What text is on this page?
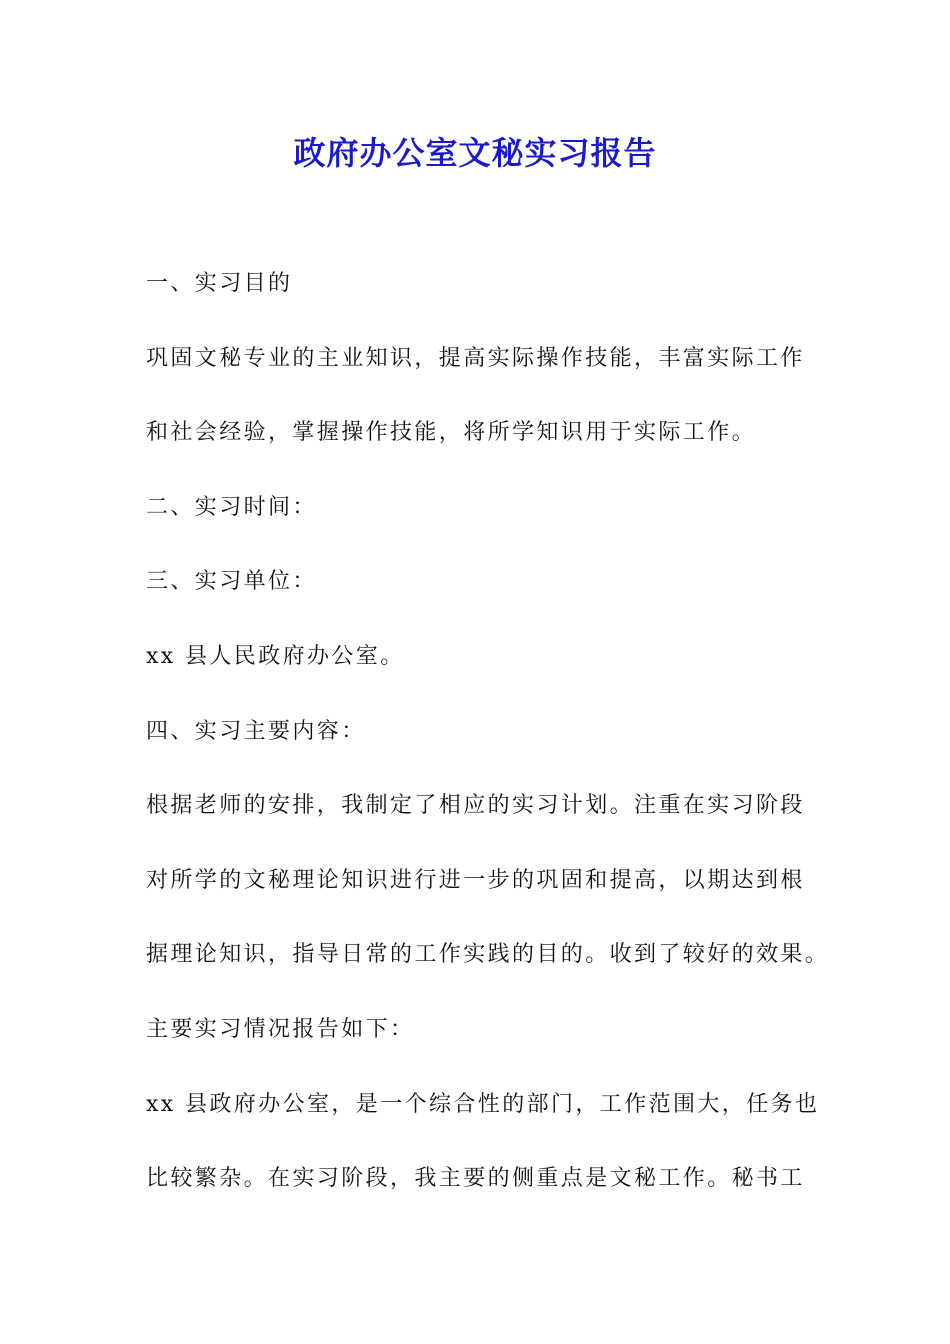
政府办公室文秘实习报告
一、实习目的
巩固文秘专业的主业知识，提高实际操作技能，丰富实际工作
和社会经验，掌握操作技能，将所学知识用于实际工作。
二、实习时间：
三、实习单位：
xx 县人民政府办公室。
四、实习主要内容：
根据老师的安排，我制定了相应的实习计划。注重在实习阶段
对所学的文秘理论知识进行进一步的巩固和提高，以期达到根
据理论知识，指导日常的工作实践的目的。收到了较好的效果。
主要实习情况报告如下：
xx 县政府办公室，是一个综合性的部门，工作范围大，任务也
比较繁杂。在实习阶段，我主要的侧重点是文秘工作。秘书工
